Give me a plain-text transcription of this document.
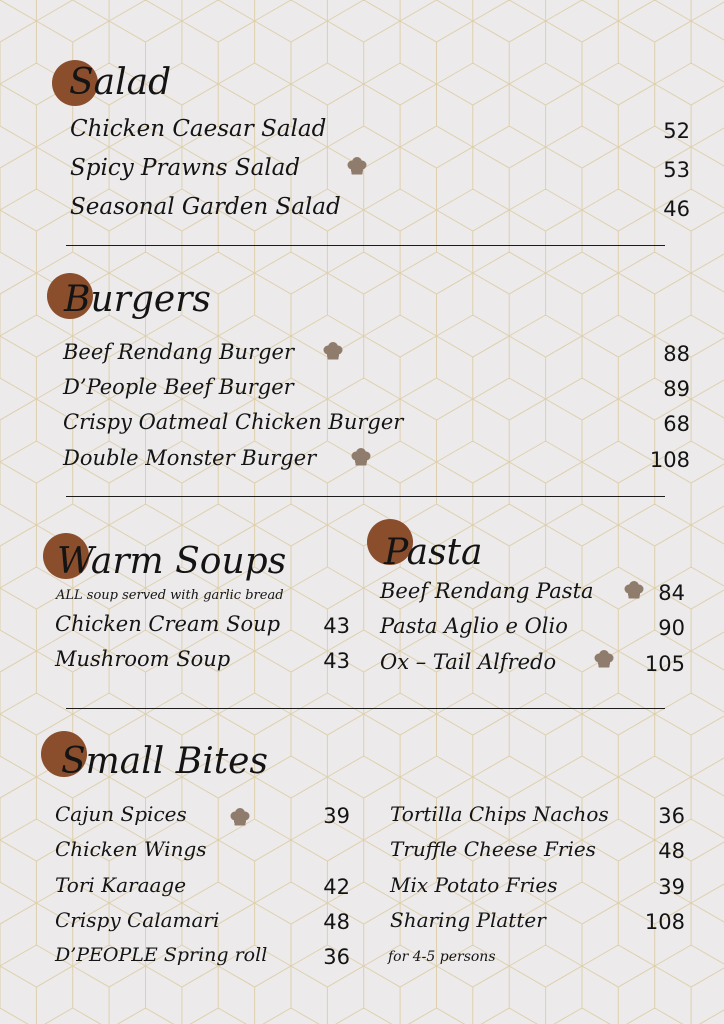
Salad
Chicken Caesar Salad	52
Spicy Prawns Salad	53
Seasonal Garden Salad	46
Burgers
Beef Rendang Burger	88
D’People Beef Burger	89
Crispy Oatmeal Chicken Burger	68
Double Monster Burger	108
Warm Soups
ALL soup served with garlic bread
Chicken Cream Soup	43
Mushroom Soup	43
Pasta
Beef Rendang Pasta	84
Pasta Aglio e Olio	90
Ox – Tail Alfredo	105
Small Bites
Cajun Spices	39
Chicken Wings
Tori Karaage	42
Crispy Calamari	48
D’PEOPLE Spring roll	36
Tortilla Chips Nachos	36
Truffle Cheese Fries	48
Mix Potato Fries	39
Sharing Platter	108
for 4-5 persons
